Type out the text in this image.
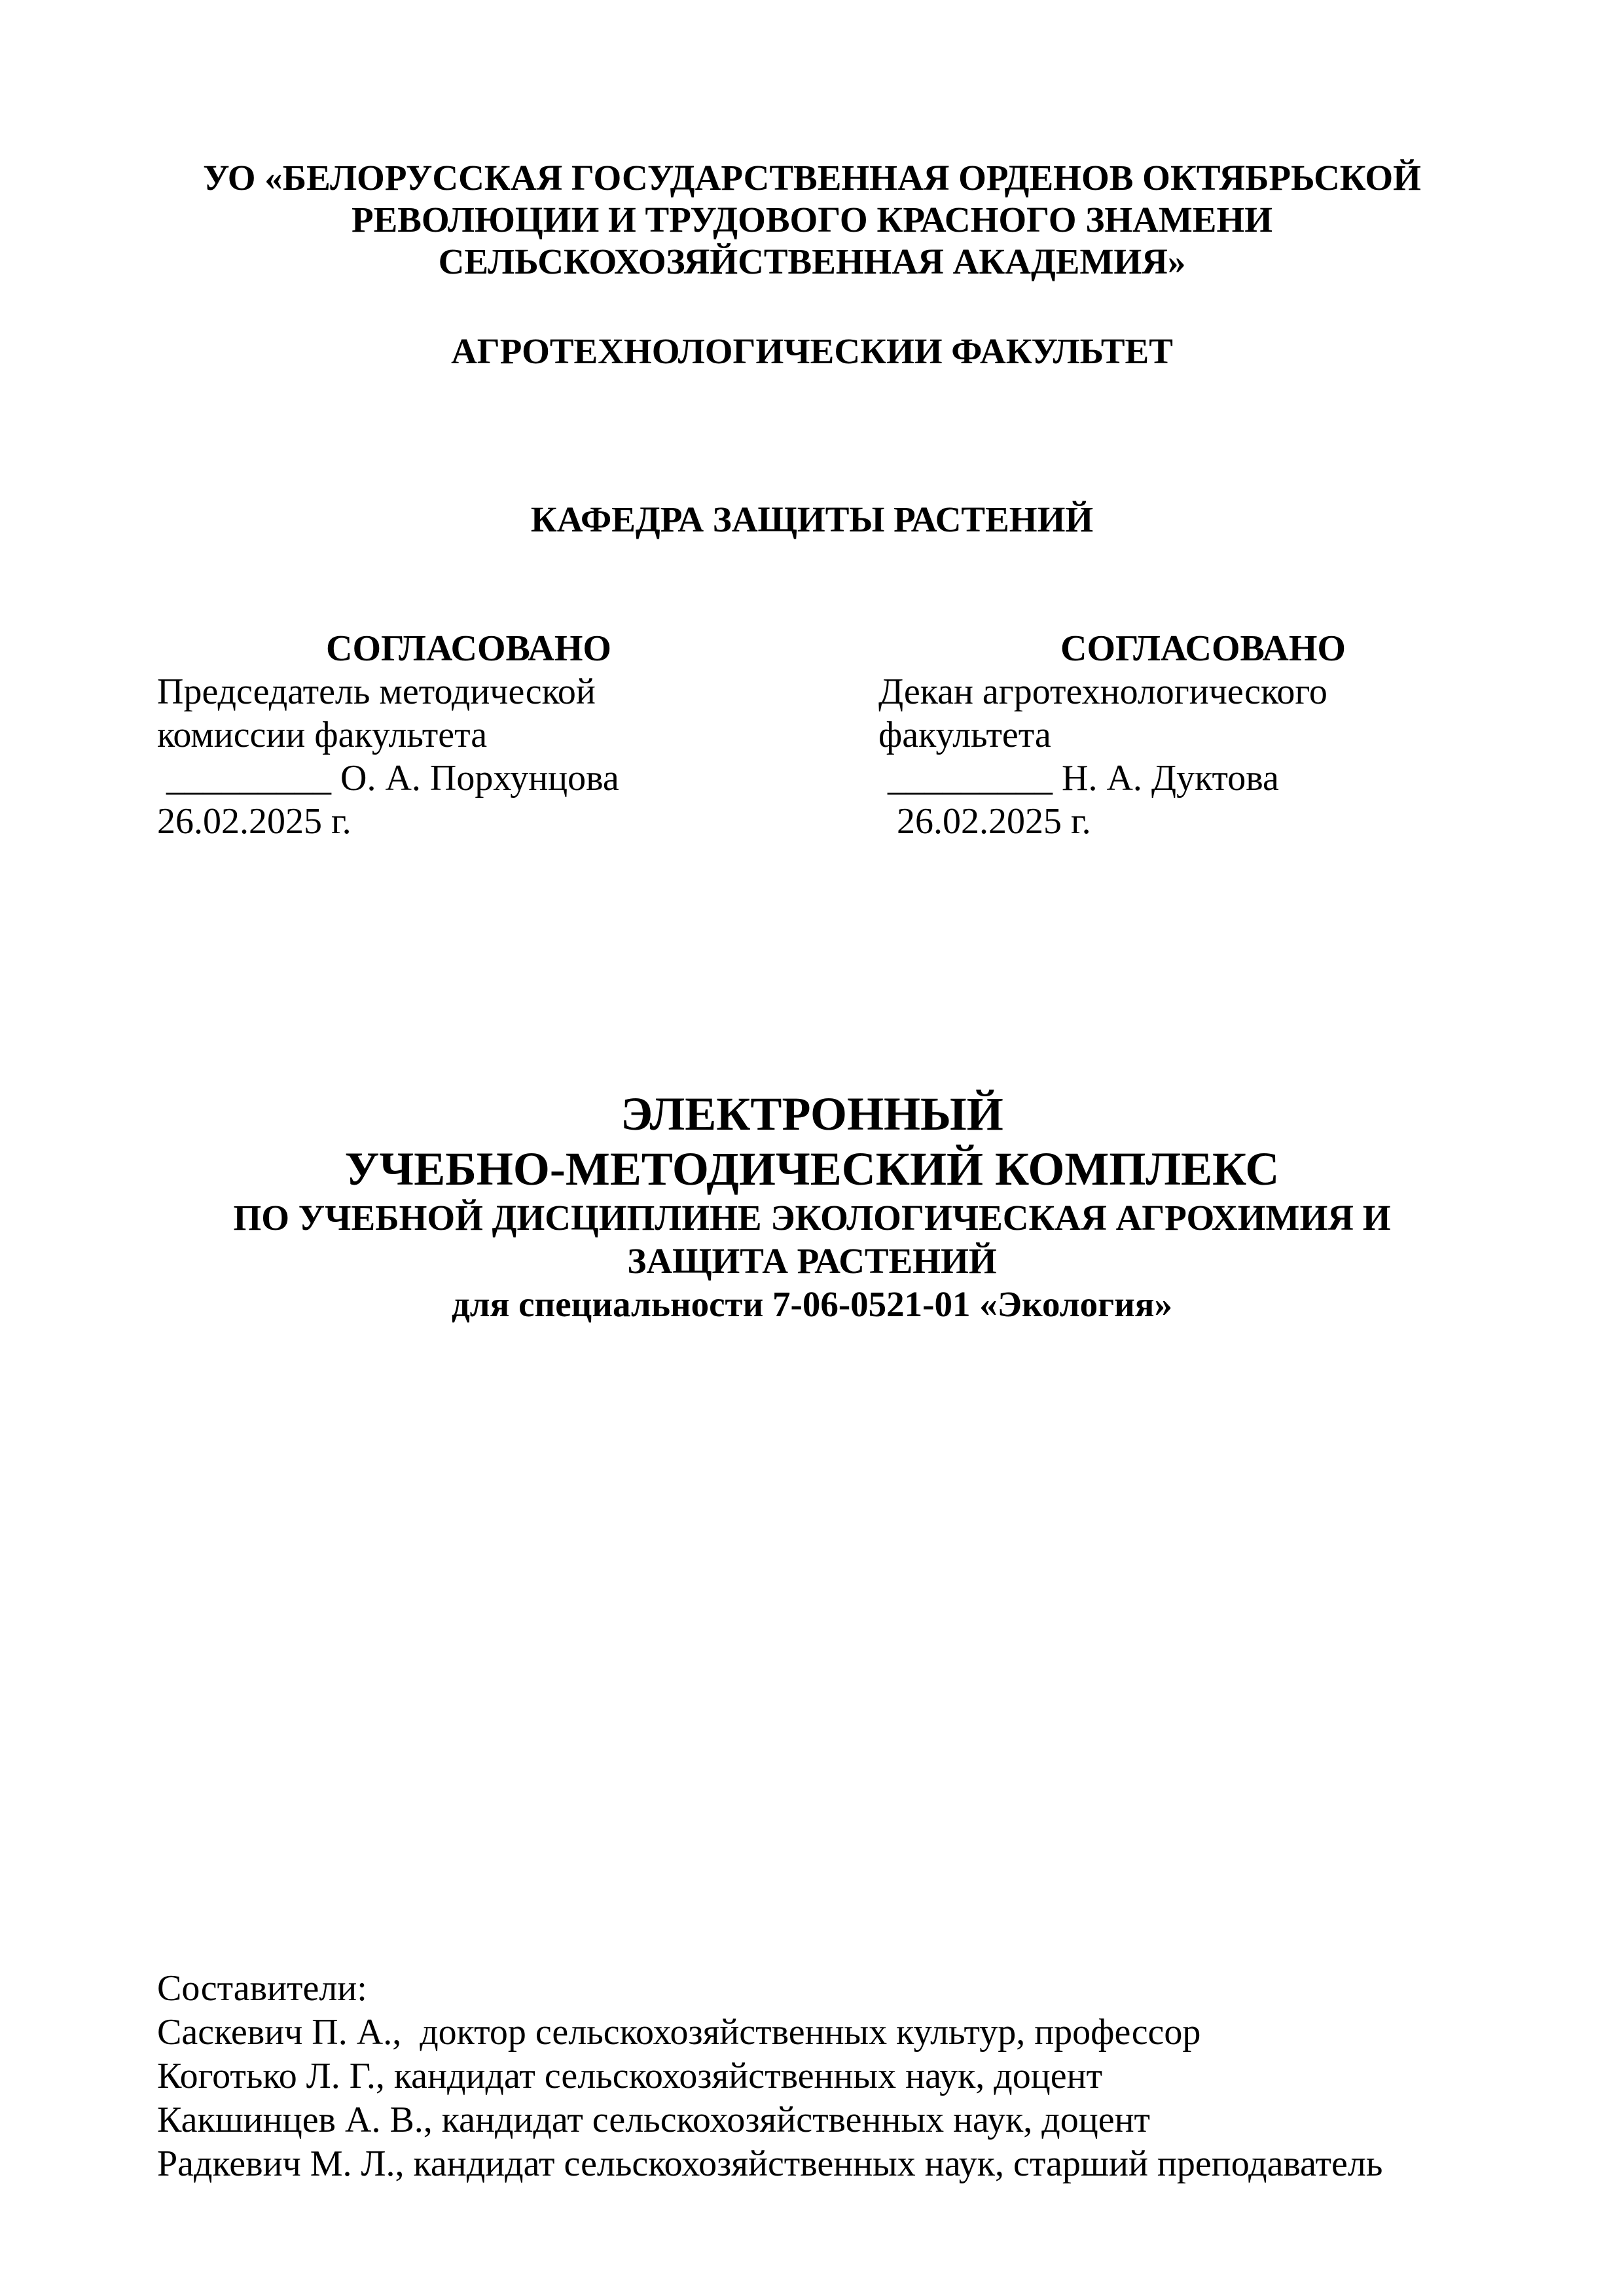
УО «БЕЛОРУССКАЯ ГОСУДАРСТВЕННАЯ ОРДЕНОВ ОКТЯБРЬСКОЙ
РЕВОЛЮЦИИ И ТРУДОВОГО КРАСНОГО ЗНАМЕНИ
СЕЛЬСКОХОЗЯЙСТВЕННАЯ АКАДЕМИЯ»
АГРОТЕХНОЛОГИЧЕСКИИ ФАКУЛЬТЕТ
КАФЕДРА ЗАЩИТЫ РАСТЕНИЙ
СОГЛАСОВАНО
Председатель методической
комиссии факультета
_________ О. А. Порхунцова
26.02.2025 г.
СОГЛАСОВАНО
Декан агротехнологического
факультета
_________ Н. А. Дуктова
26.02.2025 г.
ЭЛЕКТРОННЫЙ
УЧЕБНО-МЕТОДИЧЕСКИЙ КОМПЛЕКС
ПО УЧЕБНОЙ ДИСЦИПЛИНЕ ЭКОЛОГИЧЕСКАЯ АГРОХИМИЯ И
ЗАЩИТА РАСТЕНИЙ
для специальности 7-06-0521-01 «Экология»
Составители:
Саскевич П. А.,  доктор сельскохозяйственных культур, профессор
Коготько Л. Г., кандидат сельскохозяйственных наук, доцент
Какшинцев А. В., кандидат сельскохозяйственных наук, доцент
Радкевич М. Л., кандидат сельскохозяйственных наук, старший преподаватель
